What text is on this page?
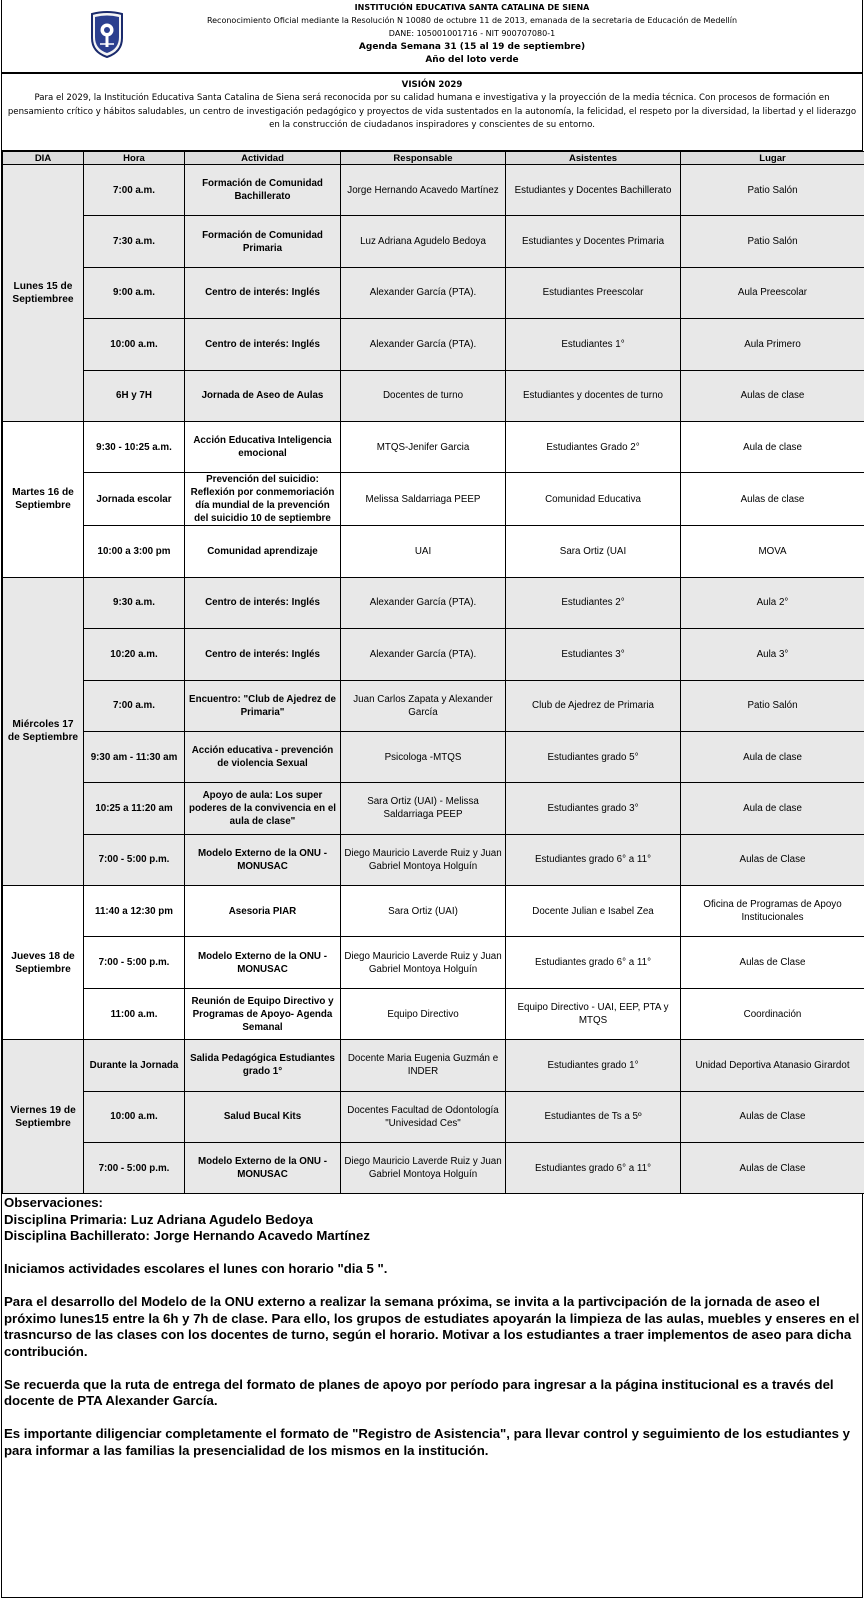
INSTITUCIÓN EDUCATIVA SANTA CATALINA DE SIENA
Reconocimiento Oficial mediante la Resolución N 10080 de octubre 11 de 2013, emanada de la secretaria de Educación de Medellín
DANE: 105001001716 - NIT 900707080-1
Agenda Semana 31 (15 al 19 de septiembre)
Año del loto verde
VISIÓN 2029
Para el 2029, la Institución Educativa Santa Catalina de Siena será reconocida por su calidad humana e investigativa y la proyección de la media técnica. Con procesos de formación en pensamiento crítico y hábitos saludables, un centro de investigación pedagógico y proyectos de vida sustentados en la autonomía, la felicidad, el respeto por la diversidad, la libertad y el liderazgo en la construcción de ciudadanos inspiradores y conscientes de su entorno.
DIA	Hora	Actividad	Responsable	Asistentes	Lugar
Lunes 15 de Septiembree	7:00 a.m.	Formación de Comunidad Bachillerato	Jorge Hernando Acavedo Martínez	Estudiantes y Docentes Bachillerato	Patio Salón
	7:30 a.m.	Formación de Comunidad Primaria	Luz Adriana Agudelo Bedoya	Estudiantes y Docentes Primaria	Patio Salón
	9:00 a.m.	Centro de interés: Inglés	Alexander García (PTA).	Estudiantes Preescolar	Aula Preescolar
	10:00 a.m.	Centro de interés: Inglés	Alexander García (PTA).	Estudiantes 1°	Aula Primero
	6H y 7H	Jornada de Aseo de Aulas	Docentes de turno	Estudiantes y docentes de turno	Aulas de clase
Martes 16 de Septiembre	9:30 - 10:25 a.m.	Acción Educativa Inteligencia emocional	MTQS-Jenifer Garcia	Estudiantes Grado 2°	Aula de clase
	Jornada escolar	Prevención del suicidio: Reflexión por conmemoriación día mundial de la prevención del suicidio 10 de septiembre	Melissa Saldarriaga PEEP	Comunidad Educativa	Aulas de clase
	10:00 a 3:00 pm	Comunidad aprendizaje	UAI	Sara Ortiz (UAI	MOVA
Miércoles 17 de Septiembre	9:30 a.m.	Centro de interés: Inglés	Alexander García (PTA).	Estudiantes 2°	Aula 2°
	10:20 a.m.	Centro de interés: Inglés	Alexander García (PTA).	Estudiantes 3°	Aula 3°
	7:00 a.m.	Encuentro: "Club de Ajedrez de Primaria"	Juan Carlos Zapata y Alexander García	Club de Ajedrez de Primaria	Patio Salón
	9:30 am - 11:30 am	Acción educativa - prevención de violencia Sexual	Psicologa -MTQS	Estudiantes grado 5°	Aula de clase
	10:25 a 11:20 am	Apoyo de aula: Los super poderes de la convivencia en el aula de clase"	Sara Ortiz (UAI) - Melissa Saldarriaga PEEP	Estudiantes grado 3°	Aula de clase
	7:00 - 5:00 p.m.	Modelo Externo de la ONU - MONUSAC	Diego Mauricio Laverde Ruiz y Juan Gabriel Montoya Holguín	Estudiantes grado 6° a 11°	Aulas de Clase
Jueves 18 de Septiembre	11:40 a 12:30 pm	Asesoria PIAR	Sara Ortiz (UAI)	Docente Julian e Isabel Zea	Oficina de Programas de Apoyo Institucionales
	7:00 - 5:00 p.m.	Modelo Externo de la ONU - MONUSAC	Diego Mauricio Laverde Ruiz y Juan Gabriel Montoya Holguín	Estudiantes grado 6° a 11°	Aulas de Clase
	11:00 a.m.	Reunión de Equipo Directivo y Programas de Apoyo- Agenda Semanal	Equipo Directivo	Equipo Directivo - UAI, EEP, PTA y MTQS	Coordinación
Viernes 19 de Septiembre	Durante la Jornada	Salida Pedagógica Estudiantes grado 1°	Docente Maria Eugenia Guzmán e INDER	Estudiantes grado 1°	Unidad Deportiva Atanasio Girardot
	10:00 a.m.	Salud Bucal Kits	Docentes Facultad de Odontología "Univesidad Ces"	Estudiantes de Ts a 5º	Aulas de Clase
	7:00 - 5:00 p.m.	Modelo Externo de la ONU - MONUSAC	Diego Mauricio Laverde Ruiz y Juan Gabriel Montoya Holguín	Estudiantes grado 6° a 11°	Aulas de Clase

Observaciones:

Disciplina Primaria: Luz Adriana Agudelo Bedoya

Disciplina Bachillerato: Jorge Hernando Acavedo Martínez

Iniciamos actividades escolares el lunes con horario "dia 5 ".

Para el desarrollo del Modelo de la ONU externo a realizar la semana próxima, se invita a la partivcipación de la jornada de aseo el próximo lunes15 entre la 6h y 7h de clase. Para ello, los grupos de estudiates apoyarán la limpieza de las aulas, muebles y enseres en el trasncurso de las clases con los docentes de turno, según el horario. Motivar a los estudiantes a traer implementos de aseo para dicha contribución.

Se recuerda que la ruta de entrega del formato de planes de apoyo por período para ingresar a la página institucional es a través del docente de PTA Alexander García.

Es importante diligenciar completamente el formato de "Registro de Asistencia", para llevar control y seguimiento de los estudiantes y para informar a las familias la presencialidad de los mismos en la institución.
